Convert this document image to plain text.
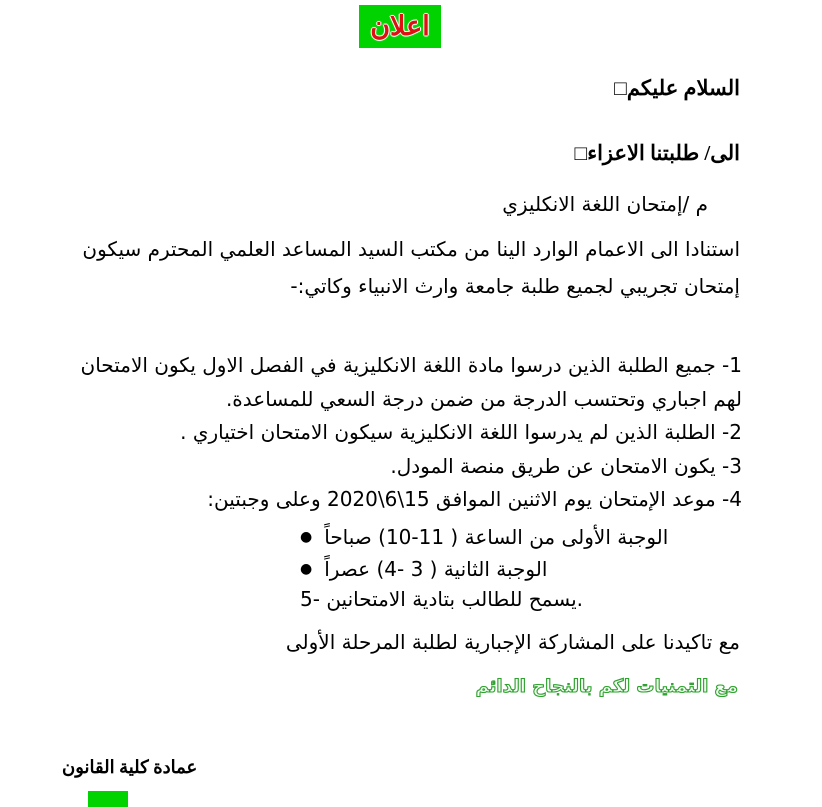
اعلان
السلام عليكم□
الى/ طلبتنا الاعزاء□
م /إمتحان اللغة الانكليزي
استنادا الى الاعمام الوارد الينا من مكتب السيد المساعد العلمي المحترم سيكون إمتحان تجريبي لجميع طلبة جامعة وارث الانبياء وكاتي:-
1- جميع الطلبة الذين درسوا مادة اللغة الانكليزية في الفصل الاول يكون الامتحان لهم اجباري وتحتسب الدرجة من ضمن درجة السعي للمساعدة.
2- الطلبة الذين لم يدرسوا اللغة الانكليزية سيكون الامتحان اختياري .
3- يكون الامتحان عن طريق منصة المودل.
4- موعد الإمتحان يوم الاثنين الموافق 15\6\2020 وعلى وجبتين:
● الوجبة الأولى من الساعة ( 11-10) صباحاً
● الوجبة الثانية ( 3 -4) عصراً
5- يسمح للطالب بتادية الامتحانين.
مع تاكيدنا على المشاركة الإجبارية لطلبة المرحلة الأولى
مع التمنيات لكم بالنجاح الدائم
عمادة كلية القانون
